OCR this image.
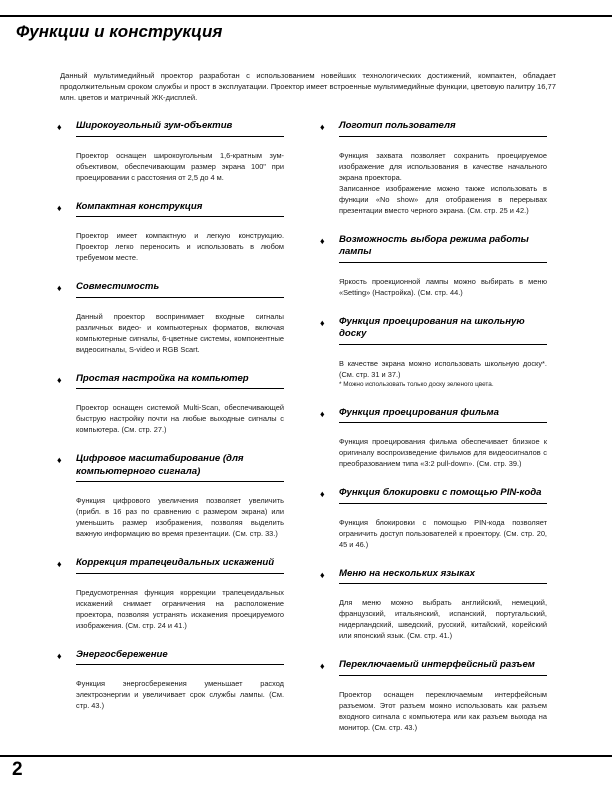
Функции и конструкция

Данный мультимедийный проектор разработан с использованием новейших технологических достижений, компактен, обладает продолжительным сроком службы и прост в эксплуатации. Проектор имеет встроенные мультимедийные функции, цветовую палитру 16,77 млн. цветов и матричный ЖК-дисплей.

♦ Широкоугольный зум-объектив
Проектор оснащен широкоугольным 1,6-кратным зум-объективом, обеспечивающим размер экрана 100" при проецировании с расстояния от 2,5 до 4 м.
♦ Компактная конструкция
Проектор имеет компактную и легкую конструкцию. Проектор легко переносить и использовать в любом требуемом месте.
♦ Совместимость
Данный проектор воспринимает входные сигналы различных видео- и компьютерных форматов, включая компьютерные сигналы, 6-цветные системы, компонентные видеосигналы, S-video и RGB Scart.
♦ Простая настройка на компьютер
Проектор оснащен системой Multi-Scan, обеспечивающей быструю настройку почти на любые выходные сигналы с компьютера. (См. стр. 27.)
♦ Цифровое масштабирование (для компьютерного сигнала)
Функция цифрового увеличения позволяет увеличить (прибл. в 16 раз по сравнению с размером экрана) или уменьшить размер изображения, позволяя выделить важную информацию во время презентации. (См. стр. 33.)
♦ Коррекция трапецеидальных искажений
Предусмотренная функция коррекции трапецеидальных искажений снимает ограничения на расположение проектора, позволяя устранять искажения проецируемого изображения. (См. стр. 24 и 41.)
♦ Энергосбережение
Функция энергосбережения уменьшает расход электроэнергии и увеличивает срок службы лампы. (См. стр. 43.)
♦ Логотип пользователя
Функция захвата позволяет сохранить проецируемое изображение для использования в качестве начального экрана проектора.
Записанное изображение можно также использовать в функции «No show» для отображения в перерывах презентации вместо черного экрана. (См. стр. 25 и 42.)
♦ Возможность выбора режима работы лампы
Яркость проекционной лампы можно выбирать в меню «Setting» (Настройка). (См. стр. 44.)
♦ Функция проецирования на школьную доску
В качестве экрана можно использовать школьную доску*. (См. стр. 31 и 37.)
* Можно использовать только доску зеленого цвета.
♦ Функция проецирования фильма
Функция проецирования фильма обеспечивает близкое к оригиналу воспроизведение фильмов для видеосигналов с преобразованием типа «3:2 pull-down». (См. стр. 39.)
♦ Функция блокировки с помощью PIN-кода
Функция блокировки с помощью PIN-кода позволяет ограничить доступ пользователей к проектору. (См. стр. 20, 45 и 46.)
♦ Меню на нескольких языках
Для меню можно выбрать английский, немецкий, французский, итальянский, испанский, португальский, нидерландский, шведский, русский, китайский, корейский или японский язык. (См. стр. 41.)
♦ Переключаемый интерфейсный разъем
Проектор оснащен переключаемым интерфейсным разъемом. Этот разъем можно использовать как разъем входного сигнала с компьютера или как разъем выхода на монитор. (См. стр. 43.)
2
